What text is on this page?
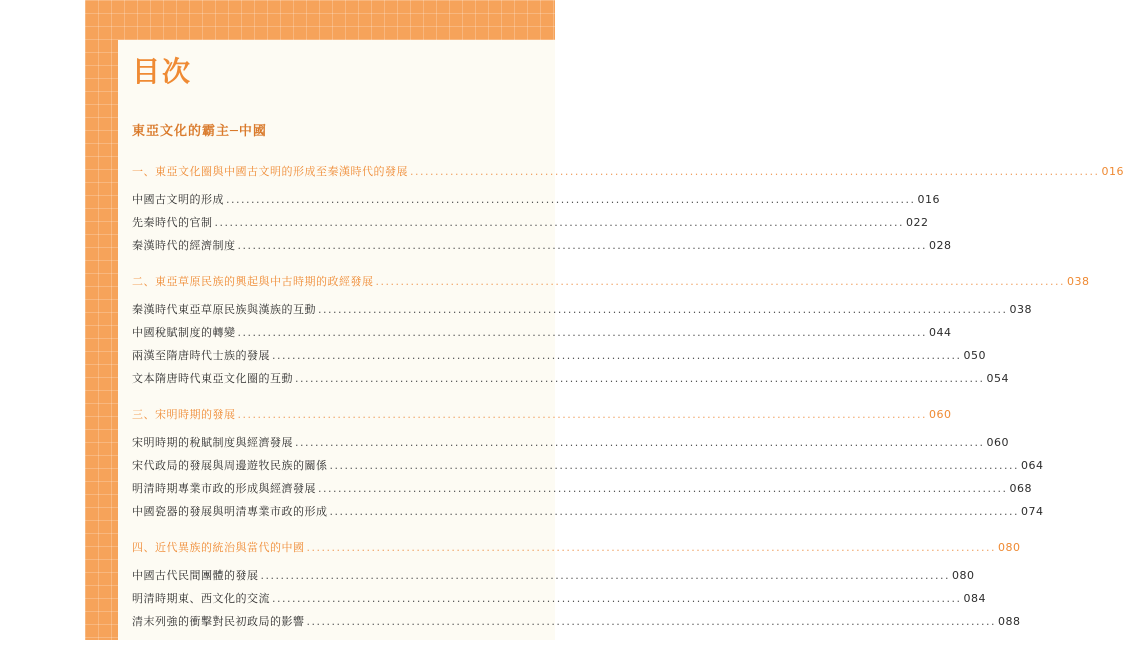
目次
東亞文化的霸主─中國
一、東亞文化圈與中國古文明的形成至秦漢時代的發展 .......................................................................................................................................... 016
中國古文明的形成 .......................................................................................................................................... 016
先秦時代的官制 .......................................................................................................................................... 022
秦漢時代的經濟制度 .......................................................................................................................................... 028
二、東亞草原民族的興起與中古時期的政經發展 .......................................................................................................................................... 038
秦漢時代東亞草原民族與漢族的互動 .......................................................................................................................................... 038
中國稅賦制度的轉變 .......................................................................................................................................... 044
兩漢至隋唐時代士族的發展 .......................................................................................................................................... 050
文本隋唐時代東亞文化圈的互動 .......................................................................................................................................... 054
三、宋明時期的發展 .......................................................................................................................................... 060
宋明時期的稅賦制度與經濟發展 .......................................................................................................................................... 060
宋代政局的發展與周邊遊牧民族的關係 .......................................................................................................................................... 064
明清時期專業市政的形成與經濟發展 .......................................................................................................................................... 068
中國瓷器的發展與明清專業市政的形成 .......................................................................................................................................... 074
四、近代異族的統治與當代的中國 .......................................................................................................................................... 080
中國古代民間團體的發展 .......................................................................................................................................... 080
明清時期東、西文化的交流 .......................................................................................................................................... 084
清末列強的衝擊對民初政局的影響 .......................................................................................................................................... 088
